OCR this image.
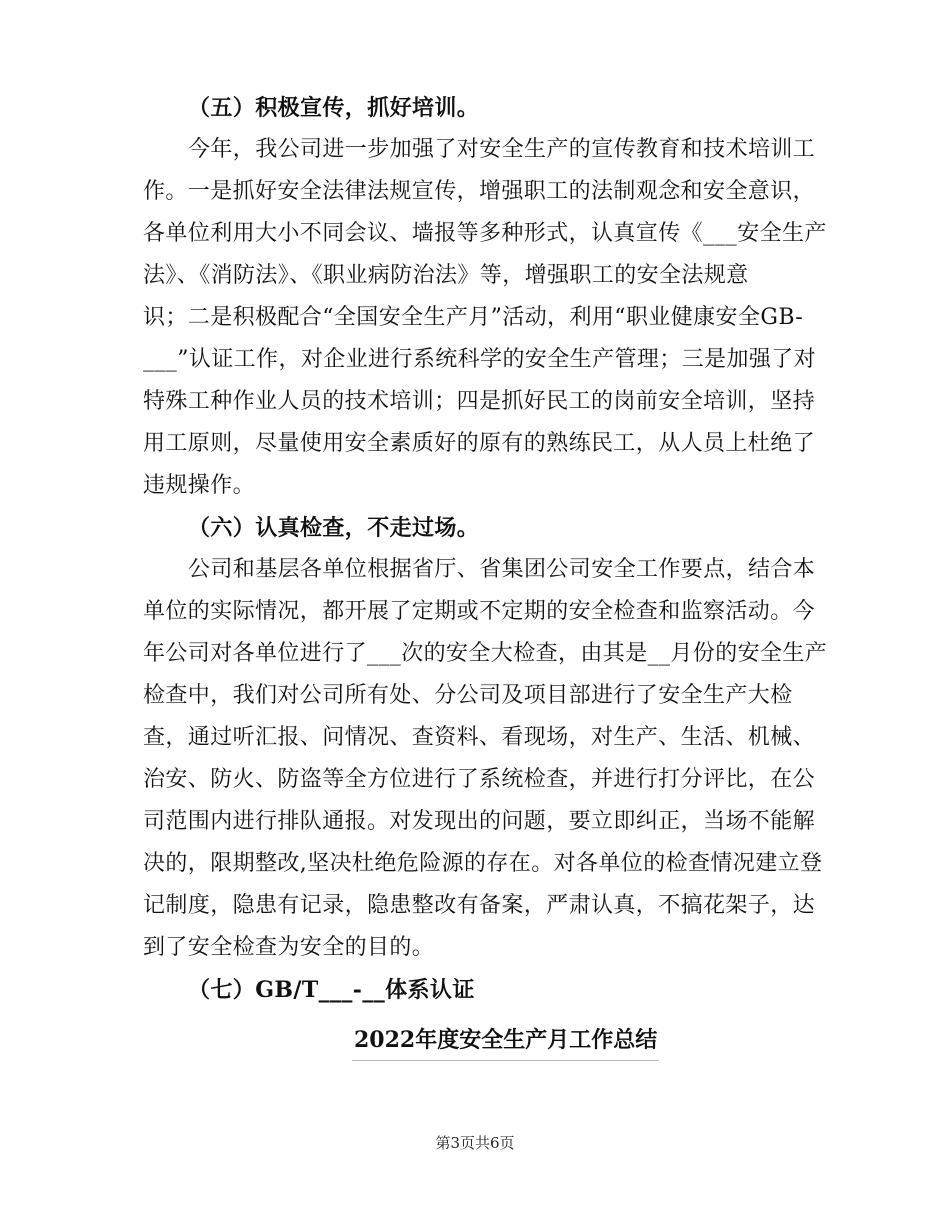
（五）积极宣传，抓好培训。
今年，我公司进一步加强了对安全生产的宣传教育和技术培训工
作。一是抓好安全法律法规宣传，增强职工的法制观念和安全意识，
各单位利用大小不同会议、墙报等多种形式，认真宣传《___安全生产
法》、《消防法》、《职业病防治法》等，增强职工的安全法规意
识；二是积极配合“全国安全生产月”活动，利用“职业健康安全GB-
___”认证工作，对企业进行系统科学的安全生产管理；三是加强了对
特殊工种作业人员的技术培训；四是抓好民工的岗前安全培训，坚持
用工原则，尽量使用安全素质好的原有的熟练民工，从人员上杜绝了
违规操作。
（六）认真检查，不走过场。
公司和基层各单位根据省厅、省集团公司安全工作要点，结合本
单位的实际情况，都开展了定期或不定期的安全检查和监察活动。今
年公司对各单位进行了___次的安全大检查，由其是__月份的安全生产
检查中，我们对公司所有处、分公司及项目部进行了安全生产大检
查，通过听汇报、问情况、查资料、看现场，对生产、生活、机械、
治安、防火、防盗等全方位进行了系统检查，并进行打分评比，在公
司范围内进行排队通报。对发现出的问题，要立即纠正，当场不能解
决的，限期整改,坚决杜绝危险源的存在。对各单位的检查情况建立登
记制度，隐患有记录，隐患整改有备案，严肃认真，不搞花架子，达
到了安全检查为安全的目的。
（七）GB/T___-__体系认证
2022年度安全生产月工作总结
第3页共6页
